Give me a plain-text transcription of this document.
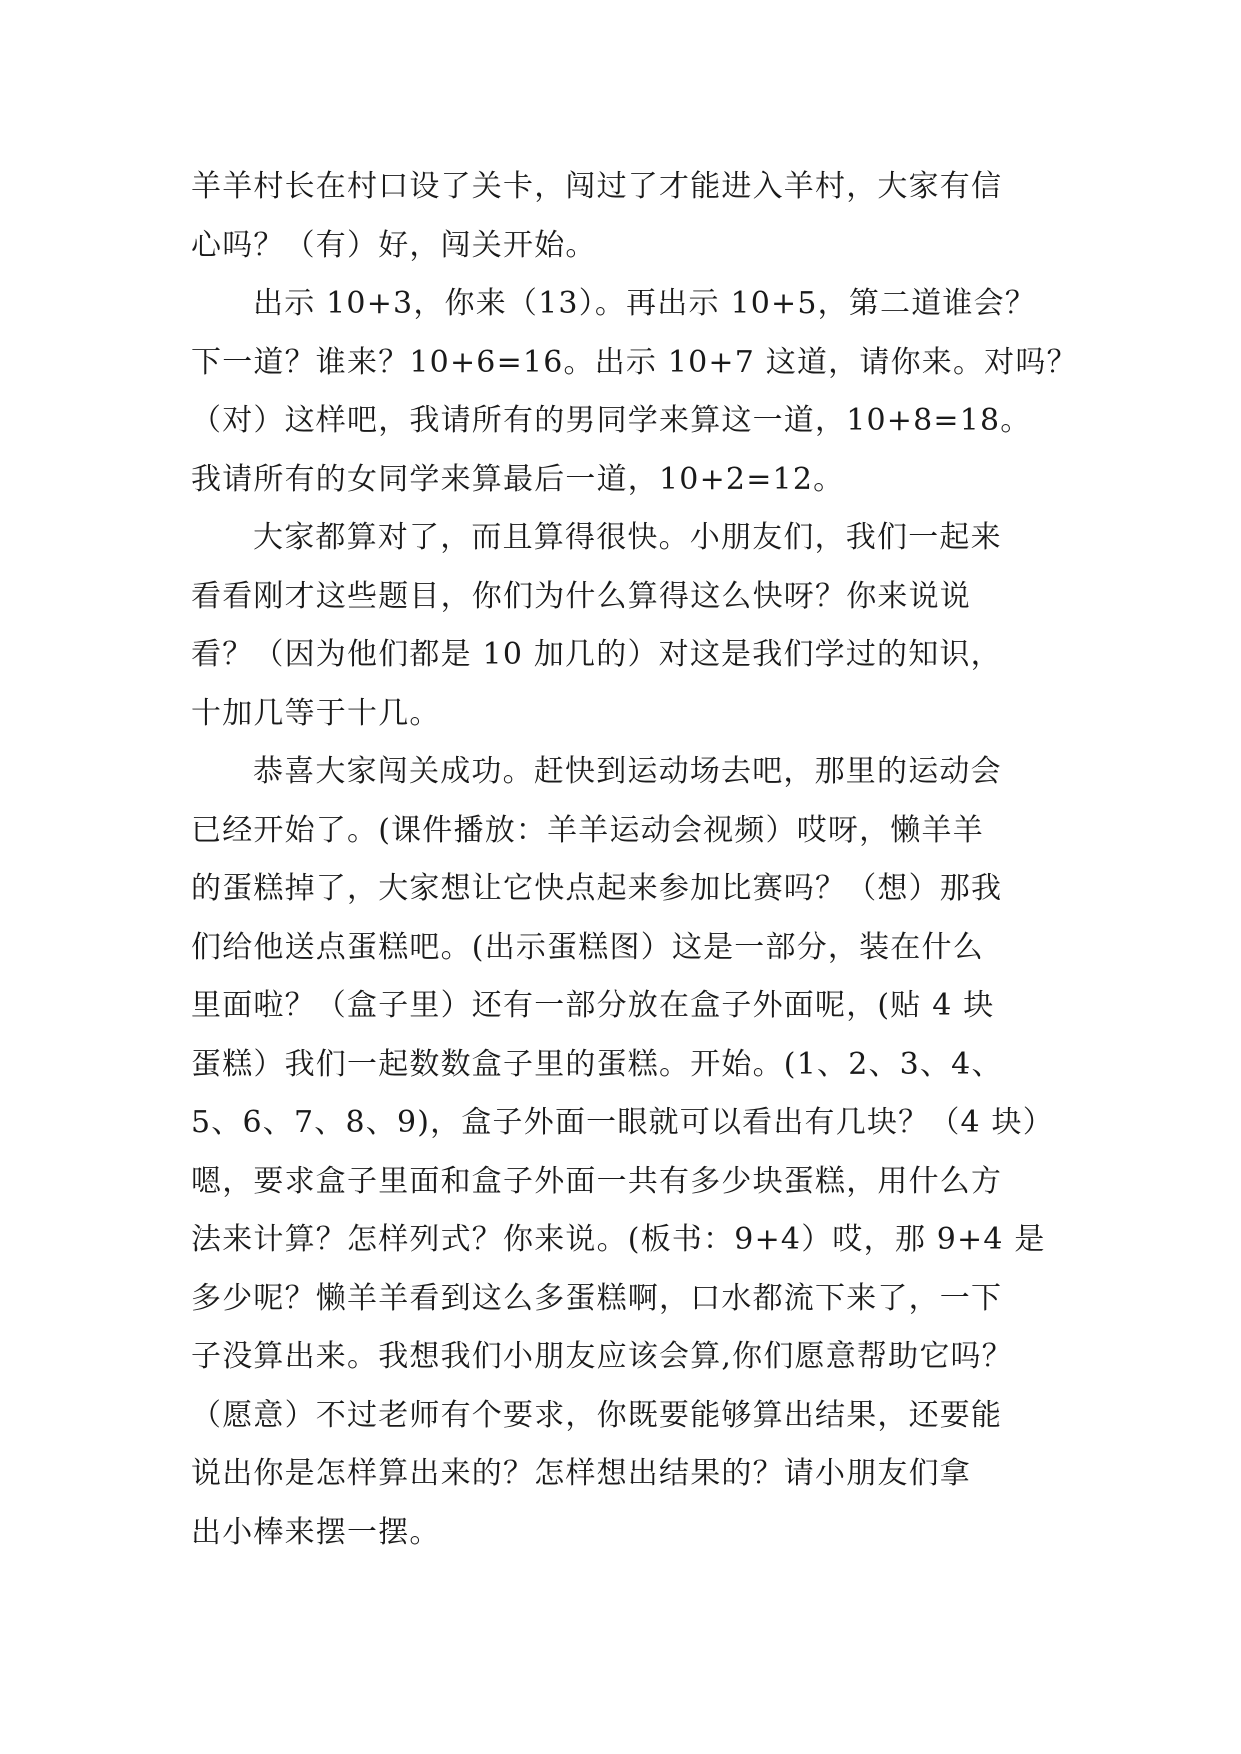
羊羊村长在村口设了关卡，闯过了才能进入羊村，大家有信
心吗？（有）好，闯关开始。
出示 10+3，你来（13）。再出示 10+5，第二道谁会？
下一道？谁来？10+6=16。出示 10+7 这道，请你来。对吗？
（对）这样吧，我请所有的男同学来算这一道，10+8=18。
我请所有的女同学来算最后一道，10+2=12。
大家都算对了，而且算得很快。小朋友们，我们一起来
看看刚才这些题目，你们为什么算得这么快呀？你来说说
看？（因为他们都是 10 加几的）对这是我们学过的知识，
十加几等于十几。
恭喜大家闯关成功。赶快到运动场去吧，那里的运动会
已经开始了。(课件播放：羊羊运动会视频）哎呀，懒羊羊
的蛋糕掉了，大家想让它快点起来参加比赛吗？（想）那我
们给他送点蛋糕吧。(出示蛋糕图）这是一部分，装在什么
里面啦？（盒子里）还有一部分放在盒子外面呢，(贴 4 块
蛋糕）我们一起数数盒子里的蛋糕。开始。(1、2、3、4、
5、6、7、8、9)，盒子外面一眼就可以看出有几块？（4 块）
嗯，要求盒子里面和盒子外面一共有多少块蛋糕，用什么方
法来计算？怎样列式？你来说。(板书：9+4）哎，那 9+4 是
多少呢？懒羊羊看到这么多蛋糕啊，口水都流下来了，一下
子没算出来。我想我们小朋友应该会算,你们愿意帮助它吗？
（愿意）不过老师有个要求，你既要能够算出结果，还要能
说出你是怎样算出来的？怎样想出结果的？请小朋友们拿
出小棒来摆一摆。
